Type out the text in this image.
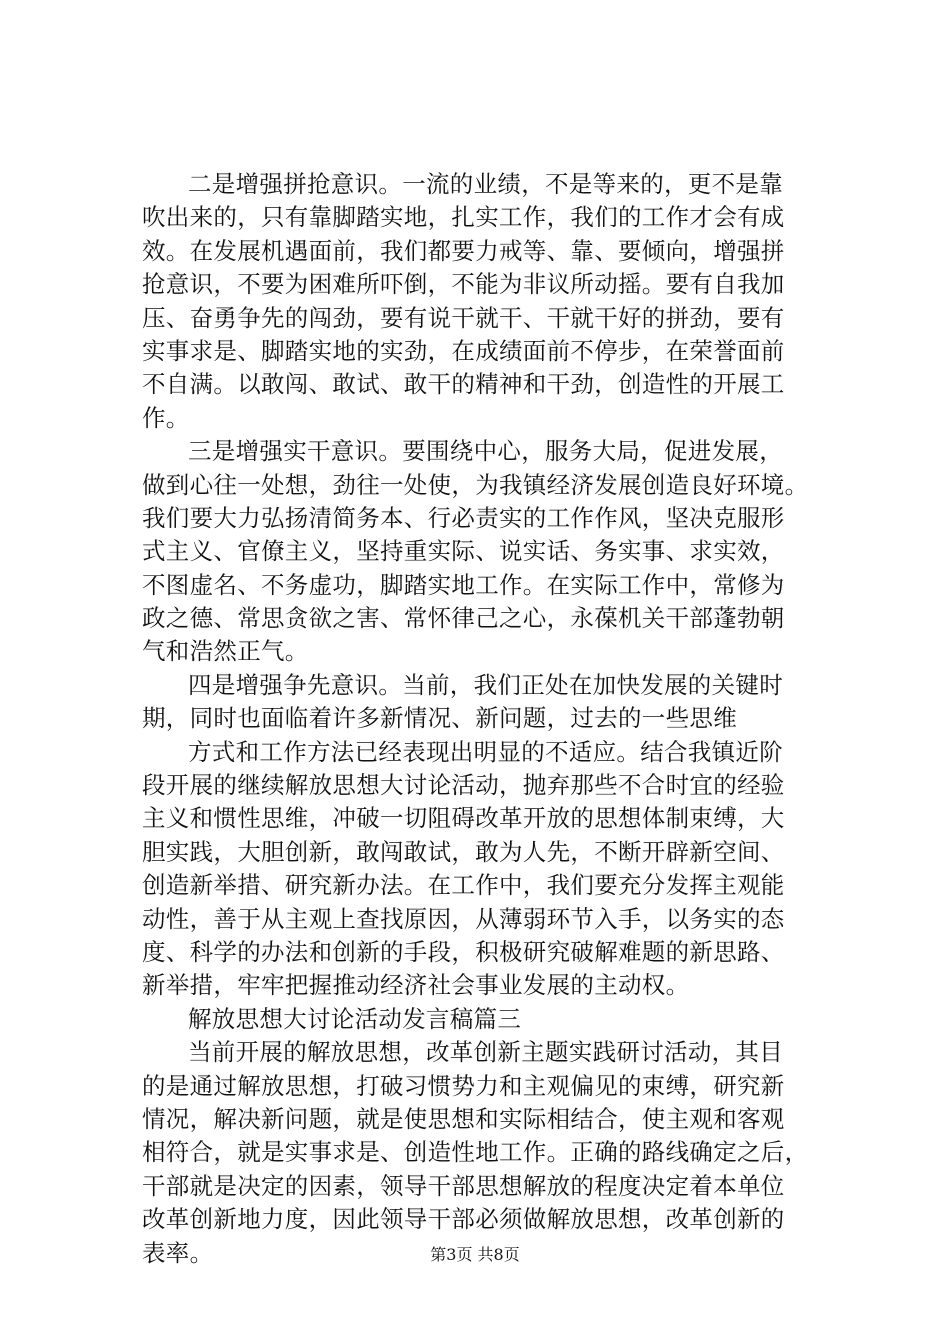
二是增强拼抢意识。一流的业绩，不是等来的，更不是靠
吹出来的，只有靠脚踏实地，扎实工作，我们的工作才会有成
效。在发展机遇面前，我们都要力戒等、靠、要倾向，增强拼
抢意识，不要为困难所吓倒，不能为非议所动摇。要有自我加
压、奋勇争先的闯劲，要有说干就干、干就干好的拼劲，要有
实事求是、脚踏实地的实劲，在成绩面前不停步，在荣誉面前
不自满。以敢闯、敢试、敢干的精神和干劲，创造性的开展工
作。
三是增强实干意识。要围绕中心，服务大局，促进发展，
做到心往一处想，劲往一处使，为我镇经济发展创造良好环境。
我们要大力弘扬清简务本、行必责实的工作作风，坚决克服形
式主义、官僚主义，坚持重实际、说实话、务实事、求实效，
不图虚名、不务虚功，脚踏实地工作。在实际工作中，常修为
政之德、常思贪欲之害、常怀律己之心，永葆机关干部蓬勃朝
气和浩然正气。
四是增强争先意识。当前，我们正处在加快发展的关键时
期，同时也面临着许多新情况、新问题，过去的一些思维
方式和工作方法已经表现出明显的不适应。结合我镇近阶
段开展的继续解放思想大讨论活动，抛弃那些不合时宜的经验
主义和惯性思维，冲破一切阻碍改革开放的思想体制束缚，大
胆实践，大胆创新，敢闯敢试，敢为人先，不断开辟新空间、
创造新举措、研究新办法。在工作中，我们要充分发挥主观能
动性，善于从主观上查找原因，从薄弱环节入手，以务实的态
度、科学的办法和创新的手段，积极研究破解难题的新思路、
新举措，牢牢把握推动经济社会事业发展的主动权。
解放思想大讨论活动发言稿篇三
当前开展的解放思想，改革创新主题实践研讨活动，其目
的是通过解放思想，打破习惯势力和主观偏见的束缚，研究新
情况，解决新问题，就是使思想和实际相结合，使主观和客观
相符合，就是实事求是、创造性地工作。正确的路线确定之后，
干部就是决定的因素，领导干部思想解放的程度决定着本单位
改革创新地力度，因此领导干部必须做解放思想，改革创新的
表率。	第3页 共8页
